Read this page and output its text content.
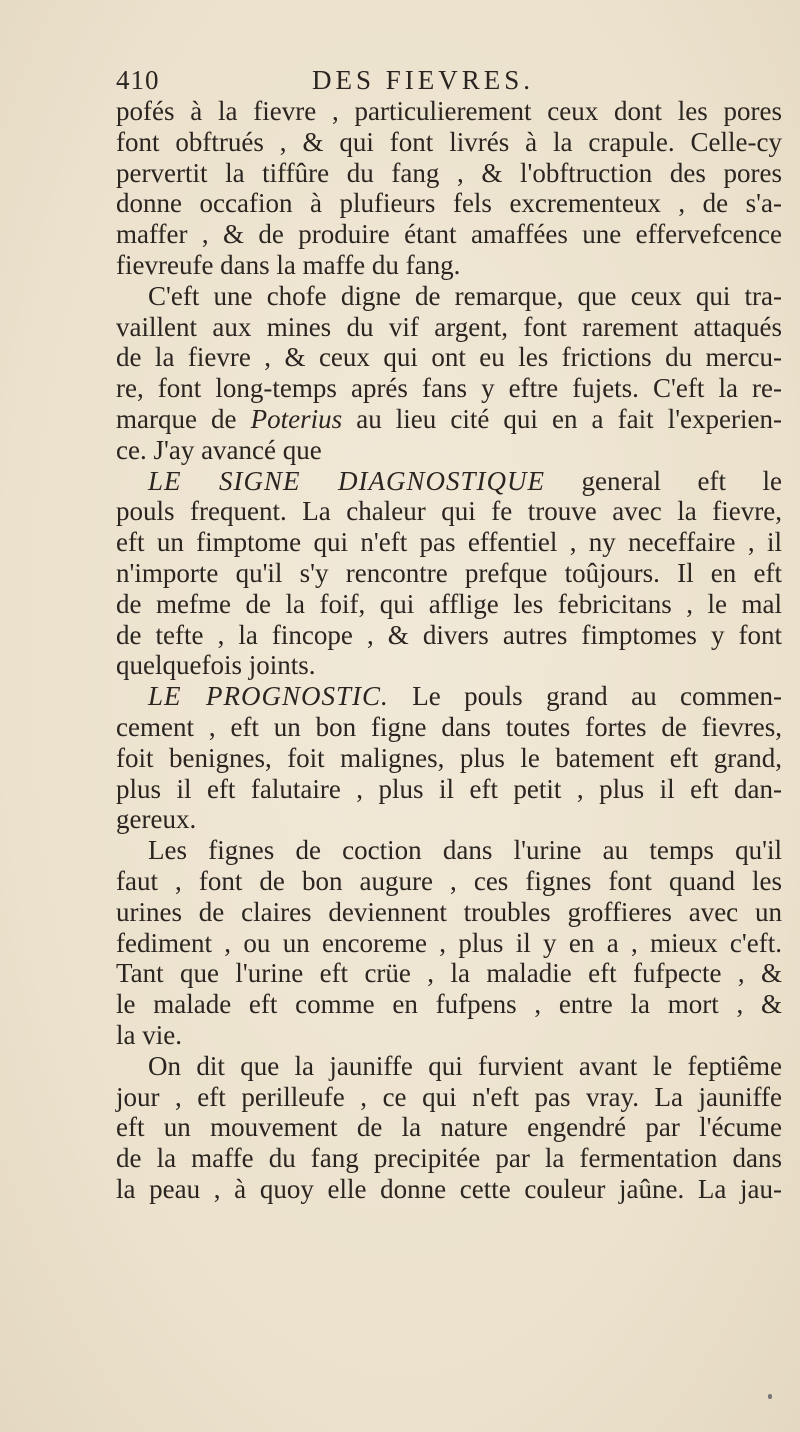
410	DES FIEVRES.
pofés à la fievre , particulierement ceux dont les pores
font obftrués , & qui font livrés à la crapule. Celle-cy
pervertit la tiffûre du fang , & l'obftruction des pores
donne occafion à plufieurs fels excrementeux , de s'a-
maffer , & de produire étant amaffées une effervefcence
fievreufe dans la maffe du fang.
C'eft une chofe digne de remarque, que ceux qui tra-
vaillent aux mines du vif argent, font rarement attaqués
de la fievre , & ceux qui ont eu les frictions du mercu-
re, font long-temps aprés fans y eftre fujets. C'eft la re-
marque de Poterius au lieu cité qui en a fait l'experien-
ce. J'ay avancé que
LE SIGNE DIAGNOSTIQUE general eft le
pouls frequent. La chaleur qui fe trouve avec la fievre,
eft un fimptome qui n'eft pas effentiel , ny neceffaire , il
n'importe qu'il s'y rencontre prefque toûjours. Il en eft
de mefme de la foif, qui afflige les febricitans , le mal
de tefte , la fincope , & divers autres fimptomes y font
quelquefois joints.
LE PROGNOSTIC. Le pouls grand au commen-
cement , eft un bon figne dans toutes fortes de fievres,
foit benignes, foit malignes, plus le batement eft grand,
plus il eft falutaire , plus il eft petit , plus il eft dan-
gereux.
Les fignes de coction dans l'urine au temps qu'il
faut , font de bon augure , ces fignes font quand les
urines de claires deviennent troubles groffieres avec un
fediment , ou un encoreme , plus il y en a , mieux c'eft.
Tant que l'urine eft crüe , la maladie eft fufpecte , &
le malade eft comme en fufpens , entre la mort , &
la vie.
On dit que la jauniffe qui furvient avant le feptiême
jour , eft perilleufe , ce qui n'eft pas vray. La jauniffe
eft un mouvement de la nature engendré par l'écume
de la maffe du fang precipitée par la fermentation dans
la peau , à quoy elle donne cette couleur jaûne. La jau-
